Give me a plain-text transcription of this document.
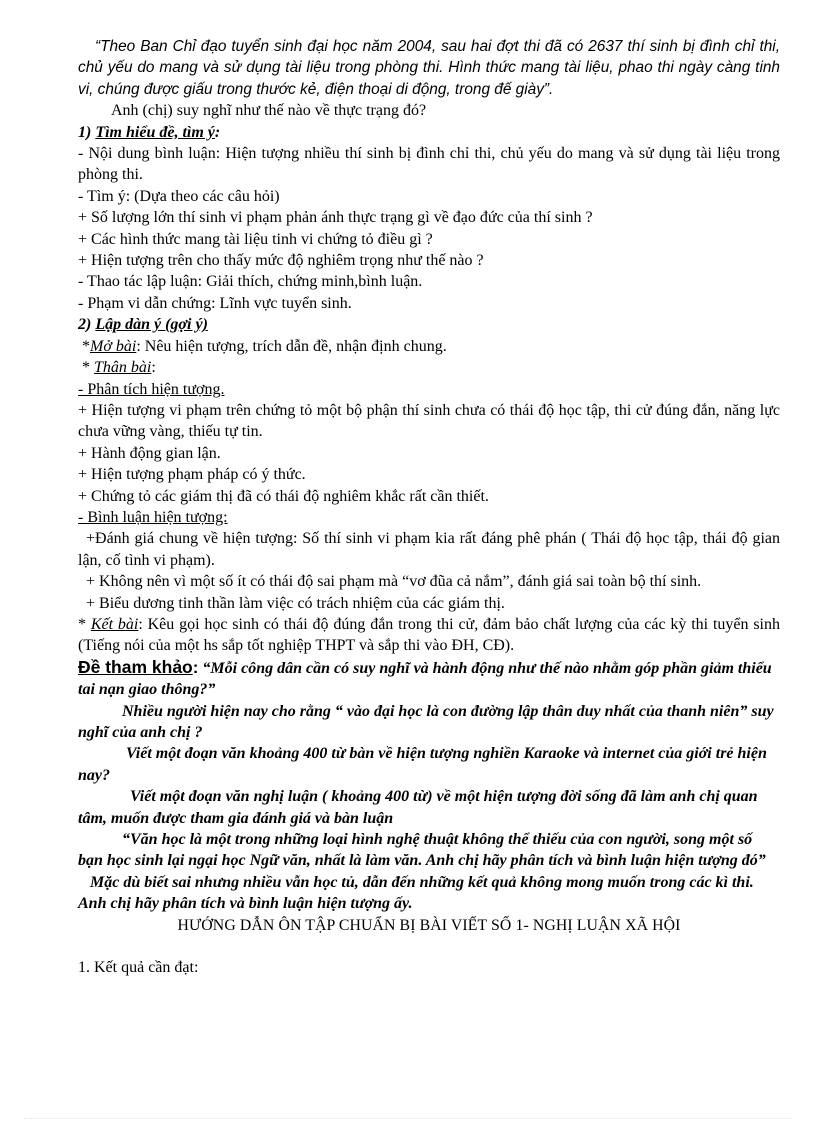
“Theo Ban Chỉ đạo tuyển sinh đại học năm 2004, sau hai đợt thi đã có 2637 thí sinh bị đình chỉ thi, chủ yếu do mang và sử dụng tài liệu trong phòng thi. Hình thức mang tài liệu, phao thi ngày càng tinh vi, chúng được giấu trong thước kẻ, điện thoại di động, trong đế giày”.

Anh (chị) suy nghĩ như thế nào về thực trạng đó?

1) Tìm hiểu đề, tìm ý:

- Nội dung bình luận: Hiện tượng nhiều thí sinh bị đình chỉ thi, chủ yếu do mang và sử dụng tài liệu trong phòng thi.

- Tìm ý: (Dựa theo các câu hỏi)

+ Số lượng lớn thí sinh vi phạm phản ánh thực trạng gì về đạo đức của thí sinh ?

+ Các hình thức mang tài liệu tinh vi chứng tỏ điều gì ?

+ Hiện tượng trên cho thấy mức độ nghiêm trọng như thế nào ?

- Thao tác lập luận: Giải thích, chứng minh,bình luận.

- Phạm vi dẫn chứng: Lĩnh vực tuyển sinh.

2) Lập dàn ý (gợi ý)

*Mở bài: Nêu hiện tượng, trích dẫn đề, nhận định chung.

* Thân bài:

- Phân tích hiện tượng.

+ Hiện tượng vi phạm trên chứng tỏ một bộ phận thí sinh chưa có thái độ học tập, thi cử đúng đắn, năng lực chưa vững vàng, thiếu tự tin.

+ Hành động gian lận.

+ Hiện tượng phạm pháp có ý thức.

+ Chứng tỏ các giám thị đã có thái độ nghiêm khắc rất cần thiết.

- Bình luận hiện tượng:

+Đánh giá chung về hiện tượng: Số thí sinh vi phạm kia rất đáng phê phán ( Thái độ học tập, thái độ gian lận, cố tình vi phạm).

+ Không nên vì một số ít có thái độ sai phạm mà “vơ đũa cả nắm”, đánh giá sai toàn bộ thí sinh.

+ Biểu dương tinh thần làm việc có trách nhiệm của các giám thị.

* Kết bài: Kêu gọi học sinh có thái độ đúng đắn trong thi cử, đảm bảo chất lượng của các kỳ thi tuyển sinh (Tiếng nói của một hs sắp tốt nghiệp THPT và sắp thi vào ĐH, CĐ).

Đề tham khảo: “Mỗi công dân cần có suy nghĩ và hành động như thế nào nhằm góp phần giảm thiểu tai nạn giao thông?”

Nhiều người hiện nay cho rằng “ vào đại học là con đường lập thân duy nhất của thanh niên” suy nghĩ của anh chị ?

Viết một đoạn văn khoảng 400 từ bàn về hiện tượng nghiền Karaoke và internet của giới trẻ hiện nay?

Viết một đoạn văn nghị luận ( khoảng 400 từ) về một hiện tượng đời sống đã làm anh chị quan tâm, muốn được tham gia đánh giá và bàn luận

“Văn học là một trong những loại hình nghệ thuật không thể thiếu của con người, song một số bạn học sinh lại ngại học Ngữ văn, nhất là làm văn. Anh chị hãy phân tích và bình luận hiện tượng đó”

Mặc dù biết sai nhưng nhiều vẫn học tủ, dẫn đến những kết quả không mong muốn trong các kì thi. Anh chị hãy phân tích và bình luận hiện tượng ấy.

HƯỚNG DẪN ÔN TẬP CHUẨN BỊ BÀI VIẾT SỐ 1- NGHỊ LUẬN XÃ HỘI

1. Kết quả cần đạt:
